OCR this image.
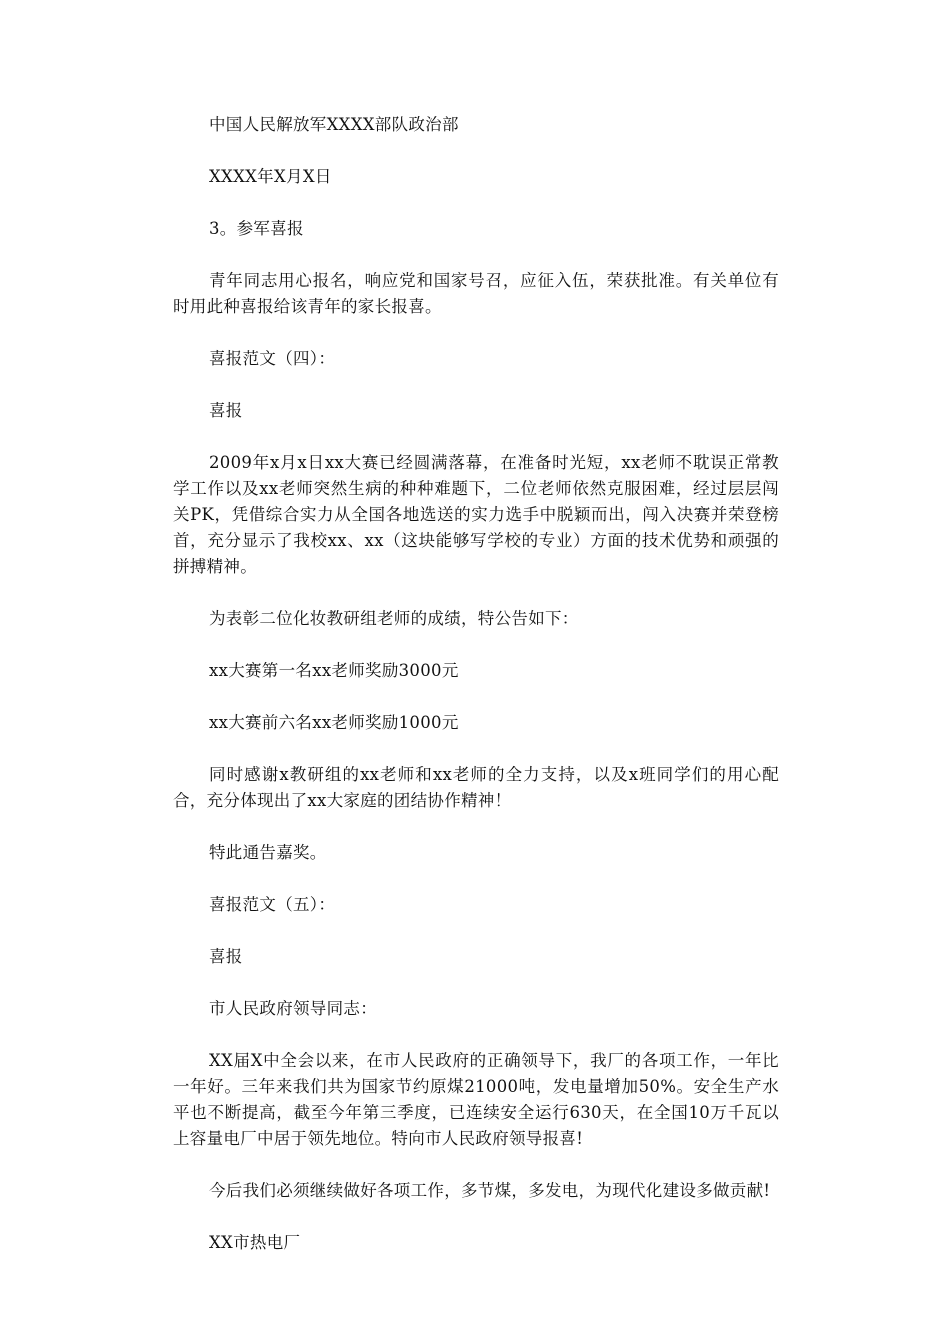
中国人民解放军XXXX部队政治部

XXXX年X月X日

3。参军喜报

青年同志用心报名，响应党和国家号召，应征入伍，荣获批准。有关单位有时用此种喜报给该青年的家长报喜。

喜报范文（四）：

喜报

2009年x月x日xx大赛已经圆满落幕，在准备时光短，xx老师不耽误正常教学工作以及xx老师突然生病的种种难题下，二位老师依然克服困难，经过层层闯关PK，凭借综合实力从全国各地选送的实力选手中脱颖而出，闯入决赛并荣登榜首，充分显示了我校xx、xx（这块能够写学校的专业）方面的技术优势和顽强的拼搏精神。

为表彰二位化妆教研组老师的成绩，特公告如下：

xx大赛第一名xx老师奖励3000元

xx大赛前六名xx老师奖励1000元

同时感谢x教研组的xx老师和xx老师的全力支持，以及x班同学们的用心配合，充分体现出了xx大家庭的团结协作精神！

特此通告嘉奖。

喜报范文（五）：

喜报

市人民政府领导同志：

XX届X中全会以来，在市人民政府的正确领导下，我厂的各项工作，一年比一年好。三年来我们共为国家节约原煤21000吨，发电量增加50%。安全生产水平也不断提高，截至今年第三季度，已连续安全运行630天，在全国10万千瓦以上容量电厂中居于领先地位。特向市人民政府领导报喜!

今后我们必须继续做好各项工作，多节煤，多发电，为现代化建设多做贡献!

XX市热电厂
